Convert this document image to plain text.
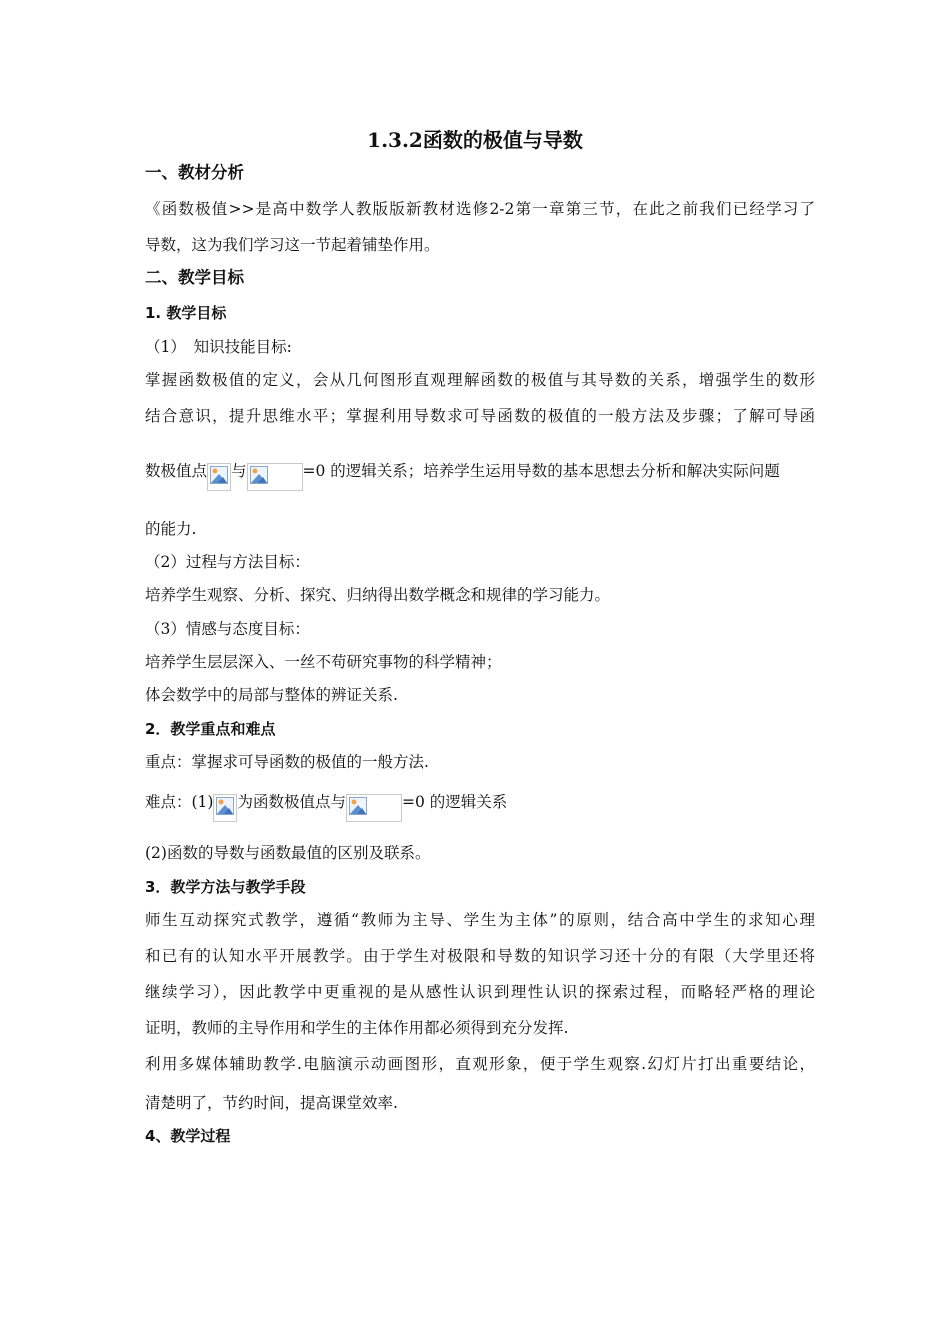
1.3.2函数的极值与导数
一、教材分析
《函数极值>>是高中数学人教版版新教材选修2-2第一章第三节，在此之前我们已经学习了
导数，这为我们学习这一节起着铺垫作用。
二、教学目标
1. 教学目标
（1）　知识技能目标:
掌握函数极值的定义，会从几何图形直观理解函数的极值与其导数的关系，增强学生的数形
结合意识，提升思维水平；掌握利用导数求可导函数的极值的一般方法及步骤；了解可导函
数极值点 与	=0 的逻辑关系；培养学生运用导数的基本思想去分析和解决实际问题
的能力.
（2）过程与方法目标：
培养学生观察、分析、探究、归纳得出数学概念和规律的学习能力。
（3）情感与态度目标：
培养学生层层深入、一丝不苟研究事物的科学精神；
体会数学中的局部与整体的辨证关系.
2．教学重点和难点
重点：掌握求可导函数的极值的一般方法.
难点：(1) 为函数极值点与	=0 的逻辑关系
(2)函数的导数与函数最值的区别及联系。
3．教学方法与教学手段
师生互动探究式教学，遵循“教师为主导、学生为主体”的原则，结合高中学生的求知心理
和已有的认知水平开展教学。由于学生对极限和导数的知识学习还十分的有限（大学里还将
继续学习），因此教学中更重视的是从感性认识到理性认识的探索过程，而略轻严格的理论
证明，教师的主导作用和学生的主体作用都必须得到充分发挥.
利用多媒体辅助教学.电脑演示动画图形，直观形象，便于学生观察.幻灯片打出重要结论，
清楚明了，节约时间，提高课堂效率.
4、教学过程
